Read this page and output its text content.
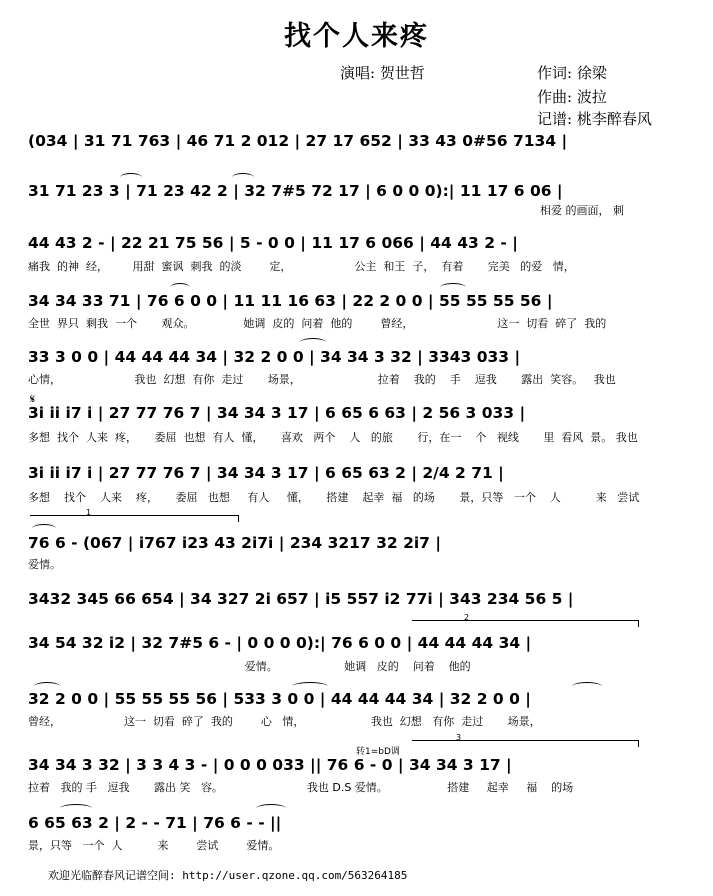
找个人来疼
演唱: 贺世哲	作词: 徐梁
作曲: 波拉
记谱: 桃李醉春风
(034 | 31 71 763 | 46 71 2 012 | 27 17 652 | 33 43 0#56 7134 |
31 71 23 3 | 71 23 42 2 | 32 7#5 72 17 | 6 0 0 0):| 11 17 6 06 |
相爱 的画面， 刺
44 43 2 - | 22 21 75 56 | 5 - 0 0 | 11 17 6 066 | 44 43 2 - |
痛我  的神  经，       用甜  蜜讽  刺我  的淡        定，                  公主  和王  子，  有着       完美   的爱   情，
34 34 33 71 | 76 6 0 0 | 11 11 16 63 | 22 2 0 0 | 55 55 55 56 |
全世  界只  剩我  一个       观众。              她调  皮的  问着  他的        曾经，                        这一  切看  碎了  我的
33 3 0 0 | 44 44 44 34 | 32 2 0 0 | 34 34 3 32 | 3343 033 |
心情，                     我也  幻想  有你  走过       场景，                      拉着    我的    手    逗我       露出  笑容。   我也
𝄋
3i ii i7 i | 27 77 76 7 | 34 34 3 17 | 6 65 6 63 | 2 56 3 033 |
多想  找个  人来  疼，     委屈  也想  有人  懂，     喜欢   两个    人   的旅       行，在一    个   视线       里  看风  景。 我也
3i ii i7 i | 27 77 76 7 | 34 34 3 17 | 6 65 63 2 | 2/4 2 71 |
多想    找个    人来    疼，     委屈   也想     有人     懂，     搭建    起幸  福   的场       景，只等   一个    人          来   尝试
1
76 6 - (067 | i767 i23 43 2i7i | 234 3217 32 2i7 |
爱情。
3432 345 66 654 | 34 327 2i 657 | i5 557 i2 77i | 343 234 56 5 |
2
34 54 32 i2 | 32 7#5 6 - | 0 0 0 0):| 76 6 0 0 | 44 44 44 34 |
爱情。                   她调   皮的    问着    他的
32 2 0 0 | 55 55 55 56 | 533 3 0 0 | 44 44 44 34 | 32 2 0 0 |
曾经，                  这一  切看  碎了  我的        心   情，                   我也  幻想   有你  走过       场景，
转1=bD调
3
34 34 3 32 | 3 3 4 3 - | 0 0 0 033 || 76 6 - 0 | 34 34 3 17 |
拉着   我的 手   逗我       露出 笑   容。                        我也 D.S 爱情。                 搭建     起幸     福    的场
6 65 63 2 | 2 - - 71 | 76 6 - - ||
景，只等   一个  人          来        尝试        爱情。
欢迎光临醉春风记谱空间: http://user.qzone.qq.com/563264185
